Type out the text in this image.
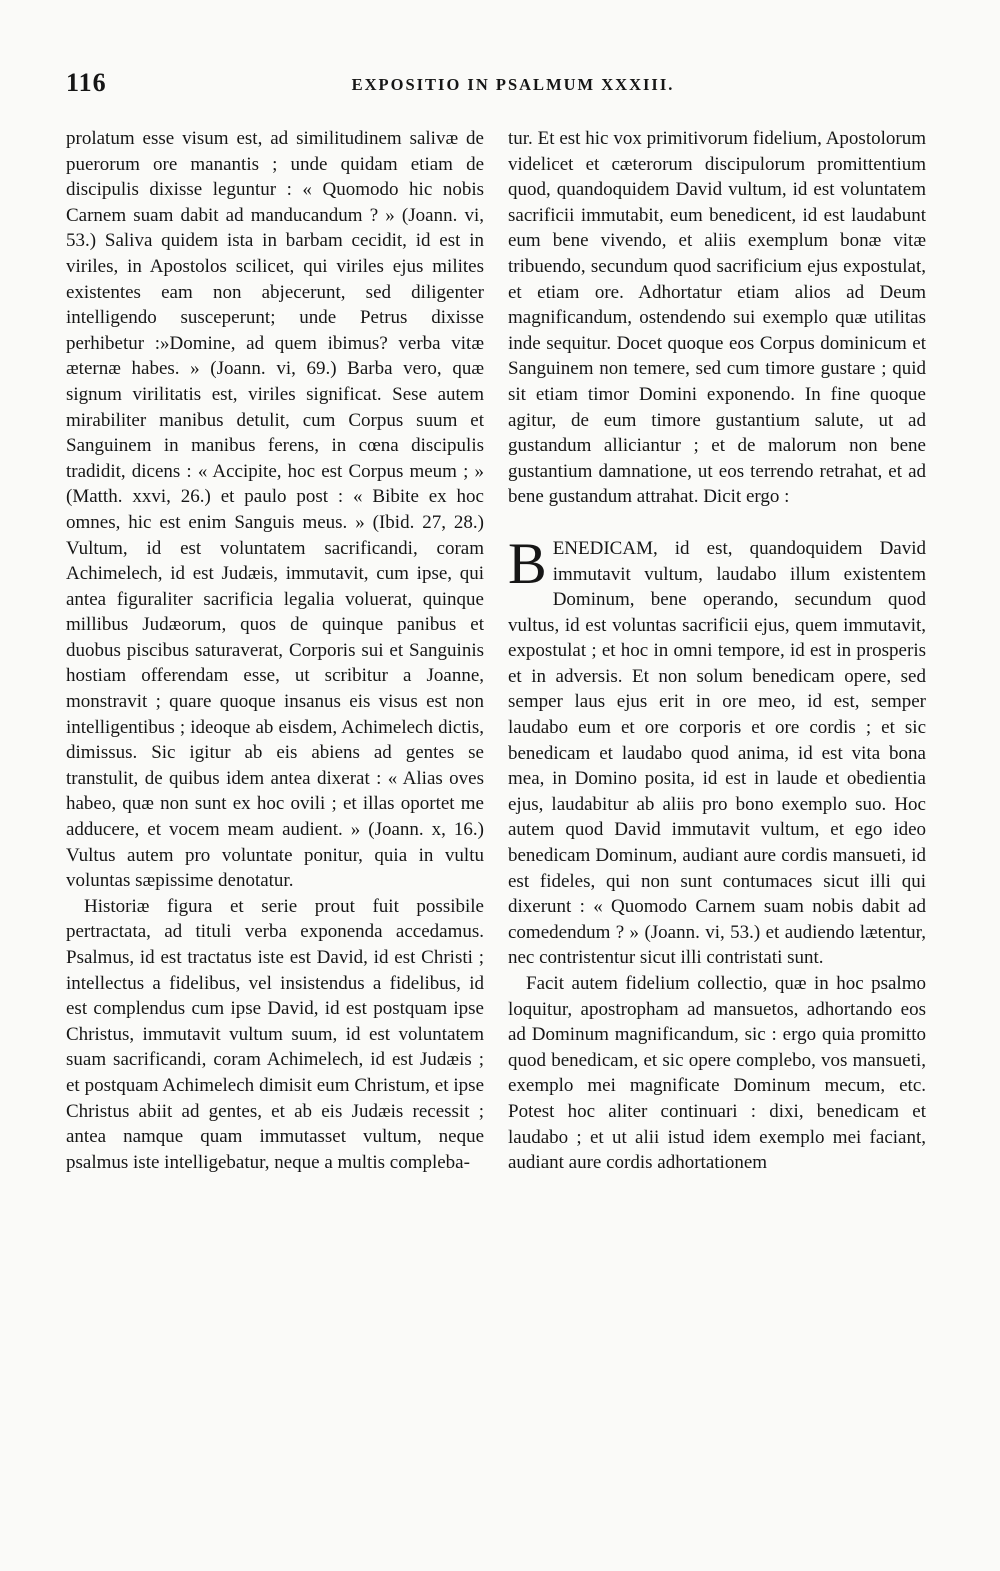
116	EXPOSITIO IN PSALMUM XXXIII.

prolatum esse visum est, ad similitudinem salivæ de puerorum ore manantis ; unde quidam etiam de discipulis dixisse leguntur : « Quomodo hic nobis Carnem suam dabit ad manducandum ? » (Joann. vi, 53.) Saliva quidem ista in barbam cecidit, id est in viriles, in Apostolos scilicet, qui viriles ejus milites existentes eam non abjecerunt, sed diligenter intelligendo susceperunt; unde Petrus dixisse perhibetur :»Domine, ad quem ibimus? verba vitæ æternæ habes. » (Joann. vi, 69.) Barba vero, quæ signum virilitatis est, viriles significat. Sese autem mirabiliter manibus detulit, cum Corpus suum et Sanguinem in manibus ferens, in cœna discipulis tradidit, dicens : « Accipite, hoc est Corpus meum ; » (Matth. xxvi, 26.) et paulo post : « Bibite ex hoc omnes, hic est enim Sanguis meus. » (Ibid. 27, 28.) Vultum, id est voluntatem sacrificandi, coram Achimelech, id est Judæis, immutavit, cum ipse, qui antea figuraliter sacrificia legalia voluerat, quinque millibus Judæorum, quos de quinque panibus et duobus piscibus saturaverat, Corporis sui et Sanguinis hostiam offerendam esse, ut scribitur a Joanne, monstravit ; quare quoque insanus eis visus est non intelligentibus ; ideoque ab eisdem, Achimelech dictis, dimissus. Sic igitur ab eis abiens ad gentes se transtulit, de quibus idem antea dixerat : « Alias oves habeo, quæ non sunt ex hoc ovili ; et illas oportet me adducere, et vocem meam audient. » (Joann. x, 16.) Vultus autem pro voluntate ponitur, quia in vultu voluntas sæpissime denotatur.

Historiæ figura et serie prout fuit possibile pertractata, ad tituli verba exponenda accedamus. Psalmus, id est tractatus iste est David, id est Christi ; intellectus a fidelibus, vel insistendus a fidelibus, id est complendus cum ipse David, id est postquam ipse Christus, immutavit vultum suum, id est voluntatem suam sacrificandi, coram Achimelech, id est Judæis ; et postquam Achimelech dimisit eum Christum, et ipse Christus abiit ad gentes, et ab eis Judæis recessit ; antea namque quam immutasset vultum, neque psalmus iste intelligebatur, neque a multis compleba-

tur. Et est hic vox primitivorum fidelium, Apostolorum videlicet et cæterorum discipulorum promittentium quod, quandoquidem David vultum, id est voluntatem sacrificii immutabit, eum benedicent, id est laudabunt eum bene vivendo, et aliis exemplum bonæ vitæ tribuendo, secundum quod sacrificium ejus expostulat, et etiam ore. Adhortatur etiam alios ad Deum magnificandum, ostendendo sui exemplo quæ utilitas inde sequitur. Docet quoque eos Corpus dominicum et Sanguinem non temere, sed cum timore gustare ; quid sit etiam timor Domini exponendo. In fine quoque agitur, de eum timore gustantium salute, ut ad gustandum alliciantur ; et de malorum non bene gustantium damnatione, ut eos terrendo retrahat, et ad bene gustandum attrahat. Dicit ergo :

BENEDICAM, id est, quandoquidem David immutavit vultum, laudabo illum existentem Dominum, bene operando, secundum quod vultus, id est voluntas sacrificii ejus, quem immutavit, expostulat ; et hoc in omni tempore, id est in prosperis et in adversis. Et non solum benedicam opere, sed semper laus ejus erit in ore meo, id est, semper laudabo eum et ore corporis et ore cordis ; et sic benedicam et laudabo quod anima, id est vita bona mea, in Domino posita, id est in laude et obedientia ejus, laudabitur ab aliis pro bono exemplo suo. Hoc autem quod David immutavit vultum, et ego ideo benedicam Dominum, audiant aure cordis mansueti, id est fideles, qui non sunt contumaces sicut illi qui dixerunt : « Quomodo Carnem suam nobis dabit ad comedendum ? » (Joann. vi, 53.) et audiendo lætentur, nec contristentur sicut illi contristati sunt.

Facit autem fidelium collectio, quæ in hoc psalmo loquitur, apostropham ad mansuetos, adhortando eos ad Dominum magnificandum, sic : ergo quia promitto quod benedicam, et sic opere complebo, vos mansueti, exemplo mei magnificate Dominum mecum, etc. Potest hoc aliter continuari : dixi, benedicam et laudabo ; et ut alii istud idem exemplo mei faciant, audiant aure cordis adhortationem
